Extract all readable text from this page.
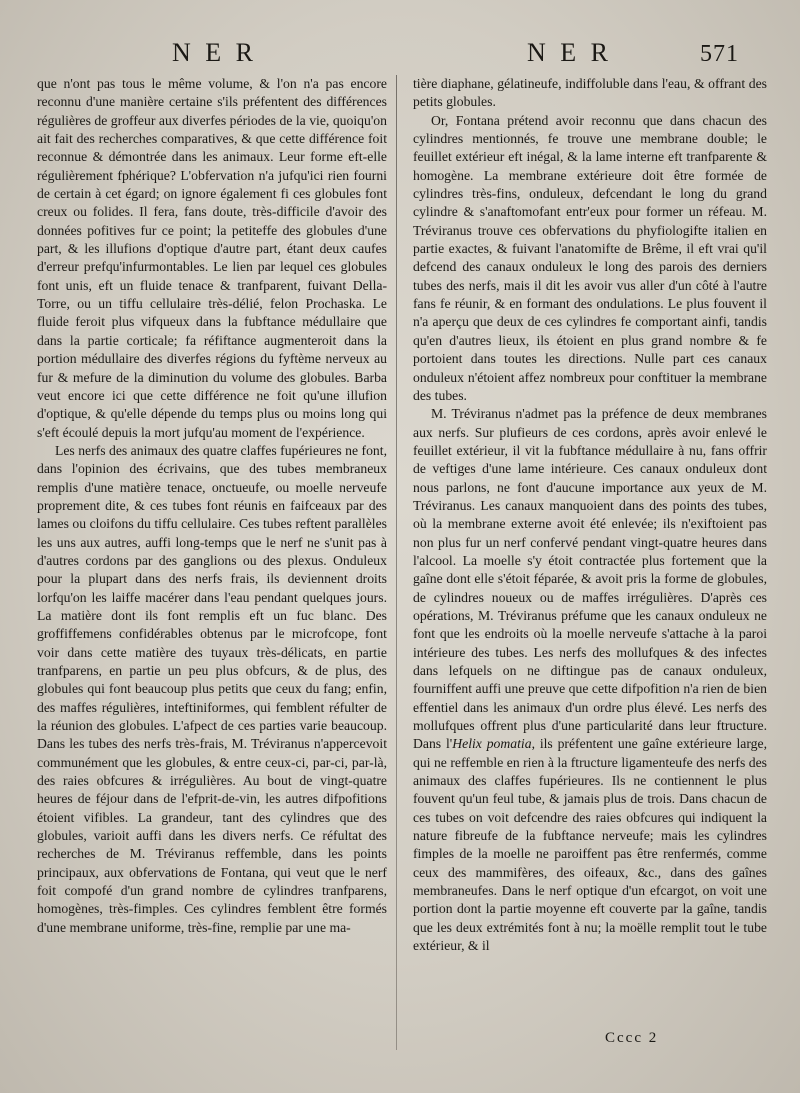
N E R	N E R	571

que n'ont pas tous le même volume, & l'on n'a pas encore reconnu d'une manière certaine s'ils préfentent des différences régulières de groffeur aux diverfes périodes de la vie, quoiqu'on ait fait des recherches comparatives, & que cette différence foit reconnue & démontrée dans les animaux. Leur forme eft-elle régulièrement fphérique? L'obfervation n'a jufqu'ici rien fourni de certain à cet égard; on ignore également fi ces globules font creux ou folides. Il fera, fans doute, très-difficile d'avoir des données pofitives fur ce point; la petiteffe des globules d'une part, & les illufions d'optique d'autre part, étant deux caufes d'erreur prefqu'infurmontables. Le lien par lequel ces globules font unis, eft un fluide tenace & tranfparent, fuivant Della-Torre, ou un tiffu cellulaire très-délié, felon Prochaska. Le fluide feroit plus vifqueux dans la fubftance médullaire que dans la partie corticale; fa réfiftance augmenteroit dans la portion médullaire des diverfes régions du fyftème nerveux au fur & mefure de la diminution du volume des globules. Barba veut encore ici que cette différence ne foit qu'une illufion d'optique, & qu'elle dépende du temps plus ou moins long qui s'eft écoulé depuis la mort jufqu'au moment de l'expérience.

Les nerfs des animaux des quatre claffes fupérieures ne font, dans l'opinion des écrivains, que des tubes membraneux remplis d'une matière tenace, onctueufe, ou moelle nerveufe proprement dite, & ces tubes font réunis en faifceaux par des lames ou cloifons du tiffu cellulaire. Ces tubes reftent parallèles les uns aux autres, auffi long-temps que le nerf ne s'unit pas à d'autres cordons par des ganglions ou des plexus. Onduleux pour la plupart dans des nerfs frais, ils deviennent droits lorfqu'on les laiffe macérer dans l'eau pendant quelques jours. La matière dont ils font remplis eft un fuc blanc. Des groffiffemens confidérables obtenus par le microfcope, font voir dans cette matière des tuyaux très-délicats, en partie tranfparens, en partie un peu plus obfcurs, & de plus, des globules qui font beaucoup plus petits que ceux du fang; enfin, des maffes régulières, inteftiniformes, qui femblent réfulter de la réunion des globules. L'afpect de ces parties varie beaucoup. Dans les tubes des nerfs très-frais, M. Tréviranus n'appercevoit communément que les globules, & entre ceux-ci, par-ci, par-là, des raies obfcures & irrégulières. Au bout de vingt-quatre heures de féjour dans de l'efprit-de-vin, les autres difpofitions étoient vifibles. La grandeur, tant des cylindres que des globules, varioit auffi dans les divers nerfs. Ce réfultat des recherches de M. Tréviranus reffemble, dans les points principaux, aux obfervations de Fontana, qui veut que le nerf foit compofé d'un grand nombre de cylindres tranfparens, homogènes, très-fimples. Ces cylindres femblent être formés d'une membrane uniforme, très-fine, remplie par une ma-

tière diaphane, gélatineufe, indiffoluble dans l'eau, & offrant des petits globules.

Or, Fontana prétend avoir reconnu que dans chacun des cylindres mentionnés, fe trouve une membrane double; le feuillet extérieur eft inégal, & la lame interne eft tranfparente & homogène. La membrane extérieure doit être formée de cylindres très-fins, onduleux, defcendant le long du grand cylindre & s'anaftomofant entr'eux pour former un réfeau. M. Tréviranus trouve ces obfervations du phyfiologifte italien en partie exactes, & fuivant l'anatomifte de Brême, il eft vrai qu'il defcend des canaux onduleux le long des parois des derniers tubes des nerfs, mais il dit les avoir vus aller d'un côté à l'autre fans fe réunir, & en formant des ondulations. Le plus fouvent il n'a aperçu que deux de ces cylindres fe comportant ainfi, tandis qu'en d'autres lieux, ils étoient en plus grand nombre & fe portoient dans toutes les directions. Nulle part ces canaux onduleux n'étoient affez nombreux pour conftituer la membrane des tubes.

M. Tréviranus n'admet pas la préfence de deux membranes aux nerfs. Sur plufieurs de ces cordons, après avoir enlevé le feuillet extérieur, il vit la fubftance médullaire à nu, fans offrir de veftiges d'une lame intérieure. Ces canaux onduleux dont nous parlons, ne font d'aucune importance aux yeux de M. Tréviranus. Les canaux manquoient dans des points des tubes, où la membrane externe avoit été enlevée; ils n'exiftoient pas non plus fur un nerf confervé pendant vingt-quatre heures dans l'alcool. La moelle s'y étoit contractée plus fortement que la gaîne dont elle s'étoit féparée, & avoit pris la forme de globules, de cylindres noueux ou de maffes irrégulières. D'après ces opérations, M. Tréviranus préfume que les canaux onduleux ne font que les endroits où la moelle nerveufe s'attache à la paroi intérieure des tubes. Les nerfs des mollufques & des infectes dans lefquels on ne diftingue pas de canaux onduleux, fourniffent auffi une preuve que cette difpofition n'a rien de bien effentiel dans les animaux d'un ordre plus élevé. Les nerfs des mollufques offrent plus d'une particularité dans leur ftructure. Dans l'Helix pomatia, ils préfentent une gaîne extérieure large, qui ne reffemble en rien à la ftructure ligamenteufe des nerfs des animaux des claffes fupérieures. Ils ne contiennent le plus fouvent qu'un feul tube, & jamais plus de trois. Dans chacun de ces tubes on voit defcendre des raies obfcures qui indiquent la nature fibreufe de la fubftance nerveufe; mais les cylindres fimples de la moelle ne paroiffent pas être renfermés, comme ceux des mammifères, des oifeaux, &c., dans des gaînes membraneufes. Dans le nerf optique d'un efcargot, on voit une portion dont la partie moyenne eft couverte par la gaîne, tandis que les deux extrémités font à nu; la moëlle remplit tout le tube extérieur, & il

Cccc 2
